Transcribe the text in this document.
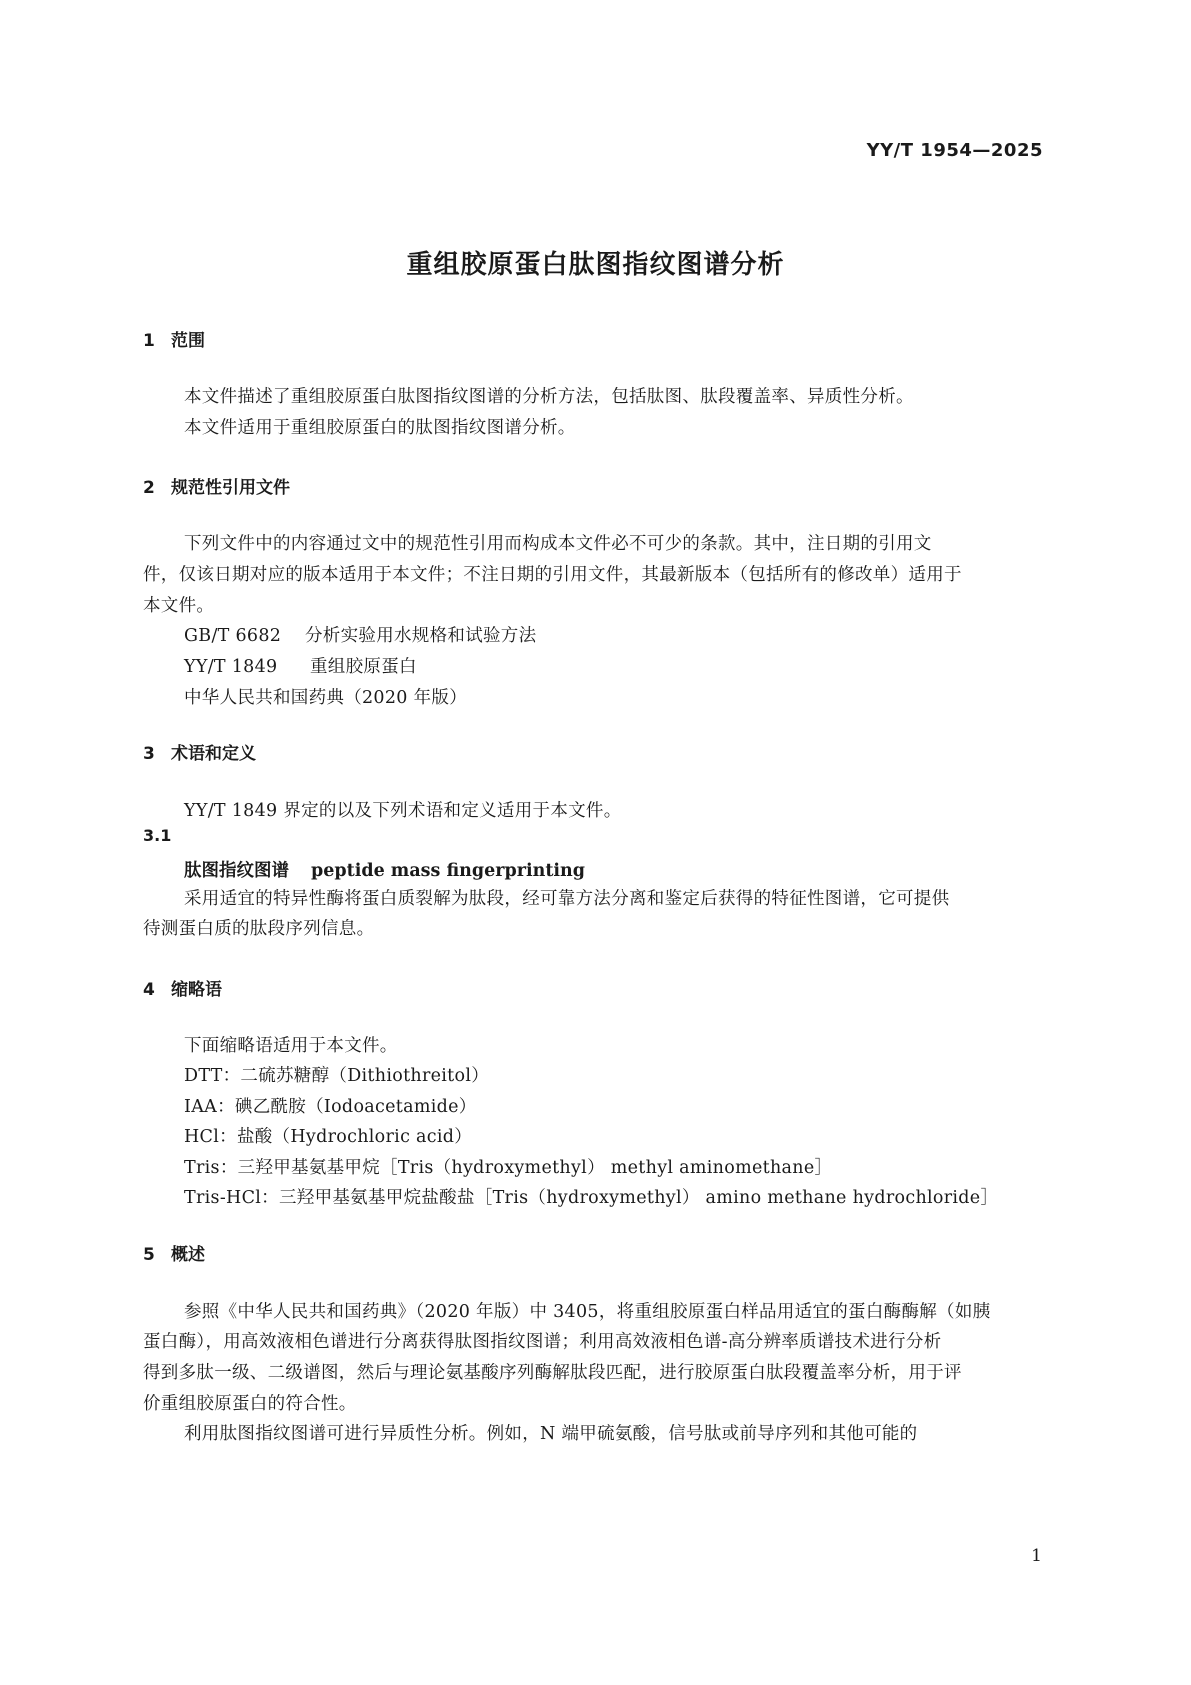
YY/T 1954—2025
重组胶原蛋白肽图指纹图谱分析
1 范围
本文件描述了重组胶原蛋白肽图指纹图谱的分析方法，包括肽图、肽段覆盖率、异质性分析。
本文件适用于重组胶原蛋白的肽图指纹图谱分析。
2 规范性引用文件
下列文件中的内容通过文中的规范性引用而构成本文件必不可少的条款。其中，注日期的引用文
件，仅该日期对应的版本适用于本文件；不注日期的引用文件，其最新版本（包括所有的修改单）适用于
本文件。
GB/T 6682 分析实验用水规格和试验方法
YY/T 1849 重组胶原蛋白
中华人民共和国药典（2020 年版）
3 术语和定义
YY/T 1849 界定的以及下列术语和定义适用于本文件。
3.1
肽图指纹图谱 peptide mass fingerprinting
采用适宜的特异性酶将蛋白质裂解为肽段，经可靠方法分离和鉴定后获得的特征性图谱，它可提供
待测蛋白质的肽段序列信息。
4 缩略语
下面缩略语适用于本文件。
DTT：二硫苏糖醇（Dithiothreitol）
IAA：碘乙酰胺（Iodoacetamide）
HCl：盐酸（Hydrochloric acid）
Tris：三羟甲基氨基甲烷［Tris（hydroxymethyl） methyl aminomethane］
Tris-HCl：三羟甲基氨基甲烷盐酸盐［Tris（hydroxymethyl） amino methane hydrochloride］
5 概述
参照《中华人民共和国药典》（2020 年版）中 3405，将重组胶原蛋白样品用适宜的蛋白酶酶解（如胰
蛋白酶），用高效液相色谱进行分离获得肽图指纹图谱；利用高效液相色谱-高分辨率质谱技术进行分析
得到多肽一级、二级谱图，然后与理论氨基酸序列酶解肽段匹配，进行胶原蛋白肽段覆盖率分析，用于评
价重组胶原蛋白的符合性。
利用肽图指纹图谱可进行异质性分析。例如，N 端甲硫氨酸，信号肽或前导序列和其他可能的
1
